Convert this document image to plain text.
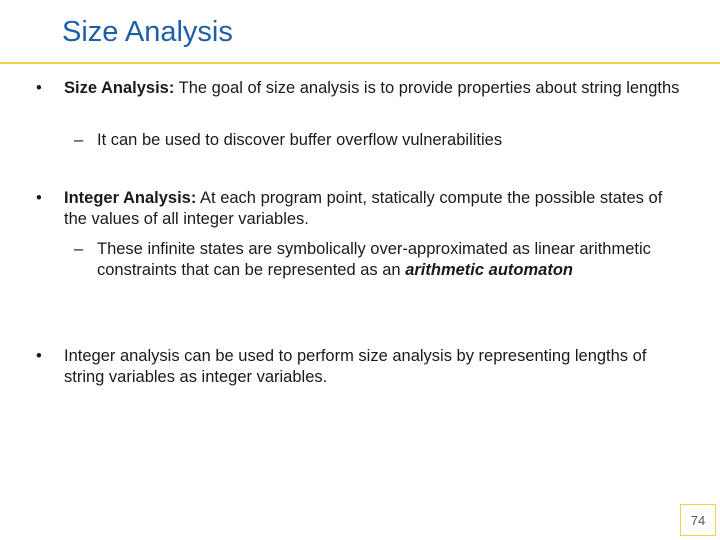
Size Analysis
• Size Analysis: The goal of size analysis is to provide properties about string lengths
– It can be used to discover buffer overflow vulnerabilities
• Integer Analysis: At each program point, statically compute the possible states of the values of all integer variables.
– These infinite states are symbolically over-approximated as linear arithmetic constraints that can be represented as an arithmetic automaton
• Integer analysis can be used to perform size analysis by representing lengths of string variables as integer variables.
74
